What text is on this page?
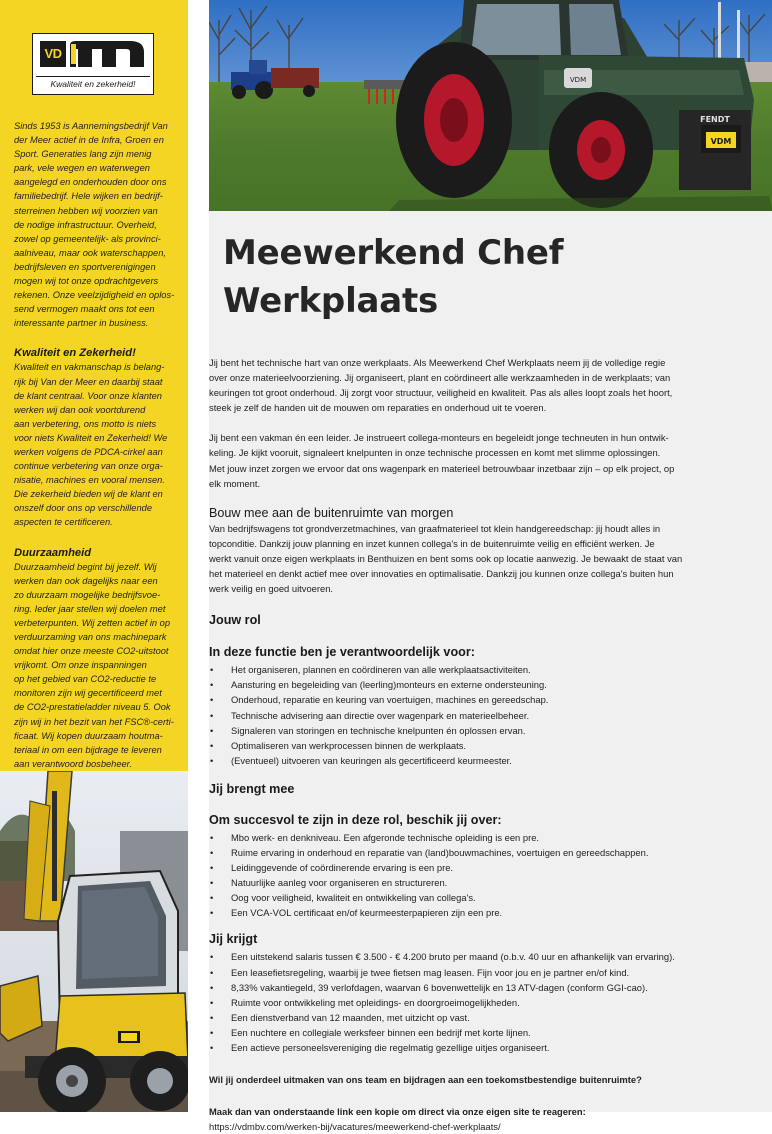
VD
Kwaliteit en zekerheid!

Sinds 1953 is Aannemingsbedrijf Van
der Meer actief in de Infra, Groen en
Sport. Generaties lang zijn menig
park, vele wegen en waterwegen
aangelegd en onderhouden door ons
familiebedrijf. Hele wijken en bedrijf-
sterreinen hebben wij voorzien van
de nodige infrastructuur. Overheid,
zowel op gemeentelijk- als provinci-
aalniveau, maar ook waterschappen,
bedrijfsleven en sportverenigingen
mogen wij tot onze opdrachtgevers
rekenen. Onze veelzijdigheid en oplos-
send vermogen maakt ons tot een
interessante partner in business.

Kwaliteit en Zekerheid!

Kwaliteit en vakmanschap is belang-
rijk bij Van der Meer en daarbij staat
de klant centraal. Voor onze klanten
werken wij dan ook voortdurend
aan verbetering, ons motto is niets
voor niets Kwaliteit en Zekerheid! We
werken volgens de PDCA-cirkel aan
continue verbetering van onze orga-
nisatie, machines en vooral mensen.
Die zekerheid bieden wij de klant en
onszelf door ons op verschillende
aspecten te certificeren.

Duurzaamheid

Duurzaamheid begint bij jezelf. Wij
werken dan ook dagelijks naar een
zo duurzaam mogelijke bedrijfsvoe-
ring. Ieder jaar stellen wij doelen met
verbeterpunten. Wij zetten actief in op
verduurzaming van ons machinepark
omdat hier onze meeste CO2-uitstoot
vrijkomt. Om onze inspanningen
op het gebied van CO2-reductie te
monitoren zijn wij gecertificeerd met
de CO2-prestatieladder niveau 5. Ook
zijn wij in het bezit van het FSC®-certi-
ficaat. Wij kopen duurzaam houtma-
teriaal in om een bijdrage te leveren
aan verantwoord bosbeheer.

VDM
VDM
FENDT
Meewerkend Chef Werkplaats

Jij bent het technische hart van onze werkplaats. Als Meewerkend Chef Werkplaats neem jij de volledige regie
over onze materieelvoorziening. Jij organiseert, plant en coördineert alle werkzaamheden in de werkplaats; van
keuringen tot groot onderhoud. Jij zorgt voor structuur, veiligheid en kwaliteit. Pas als alles loopt zoals het hoort,
steek je zelf de handen uit de mouwen om reparaties en onderhoud uit te voeren.

Jij bent een vakman én een leider. Je instrueert collega-monteurs en begeleidt jonge techneuten in hun ontwik-
keling. Je kijkt vooruit, signaleert knelpunten in onze technische processen en komt met slimme oplossingen.
Met jouw inzet zorgen we ervoor dat ons wagenpark en materieel betrouwbaar inzetbaar zijn – op elk project, op
elk moment.

Bouw mee aan de buitenruimte van morgen

Van bedrijfswagens tot grondverzetmachines, van graafmaterieel tot klein handgereedschap: jij houdt alles in
topconditie. Dankzij jouw planning en inzet kunnen collega's in de buitenruimte veilig en efficiënt werken. Je
werkt vanuit onze eigen werkplaats in Benthuizen en bent soms ook op locatie aanwezig. Je bewaakt de staat van
het materieel en denkt actief mee over innovaties en optimalisatie. Dankzij jou kunnen onze collega's buiten hun
werk veilig en goed uitvoeren.

Jouw rol
In deze functie ben je verantwoordelijk voor:
• Het organiseren, plannen en coördineren van alle werkplaatsactiviteiten.
• Aansturing en begeleiding van (leerling)monteurs en externe ondersteuning.
• Onderhoud, reparatie en keuring van voertuigen, machines en gereedschap.
• Technische advisering aan directie over wagenpark en materieelbeheer.
• Signaleren van storingen en technische knelpunten én oplossen ervan.
• Optimaliseren van werkprocessen binnen de werkplaats.
• (Eventueel) uitvoeren van keuringen als gecertificeerd keurmeester.
Jij brengt mee
Om succesvol te zijn in deze rol, beschik jij over:
• Mbo werk- en denkniveau. Een afgeronde technische opleiding is een pre.
• Ruime ervaring in onderhoud en reparatie van (land)bouwmachines, voertuigen en gereedschappen.
• Leidinggevende of coördinerende ervaring is een pre.
• Natuurlijke aanleg voor organiseren en structureren.
• Oog voor veiligheid, kwaliteit en ontwikkeling van collega's.
• Een VCA-VOL certificaat en/of keurmeesterpapieren zijn een pre.
Jij krijgt
• Een uitstekend salaris tussen € 3.500 - € 4.200 bruto per maand (o.b.v. 40 uur en afhankelijk van ervaring).
• Een leasefietsregeling, waarbij je twee fietsen mag leasen. Fijn voor jou en je partner en/of kind.
• 8,33% vakantiegeld, 39 verlofdagen, waarvan 6 bovenwettelijk en 13 ATV-dagen (conform GGI-cao).
• Ruimte voor ontwikkeling met opleidings- en doorgroeimogelijkheden.
• Een dienstverband van 12 maanden, met uitzicht op vast.
• Een nuchtere en collegiale werksfeer binnen een bedrijf met korte lijnen.
• Een actieve personeelsvereniging die regelmatig gezellige uitjes organiseert.

Wil jij onderdeel uitmaken van ons team en bijdragen aan een toekomstbestendige buitenruimte?

Maak dan van onderstaande link een kopie om direct via onze eigen site te reageren:

https://vdmbv.com/werken-bij/vacatures/meewerkend-chef-werkplaats/
